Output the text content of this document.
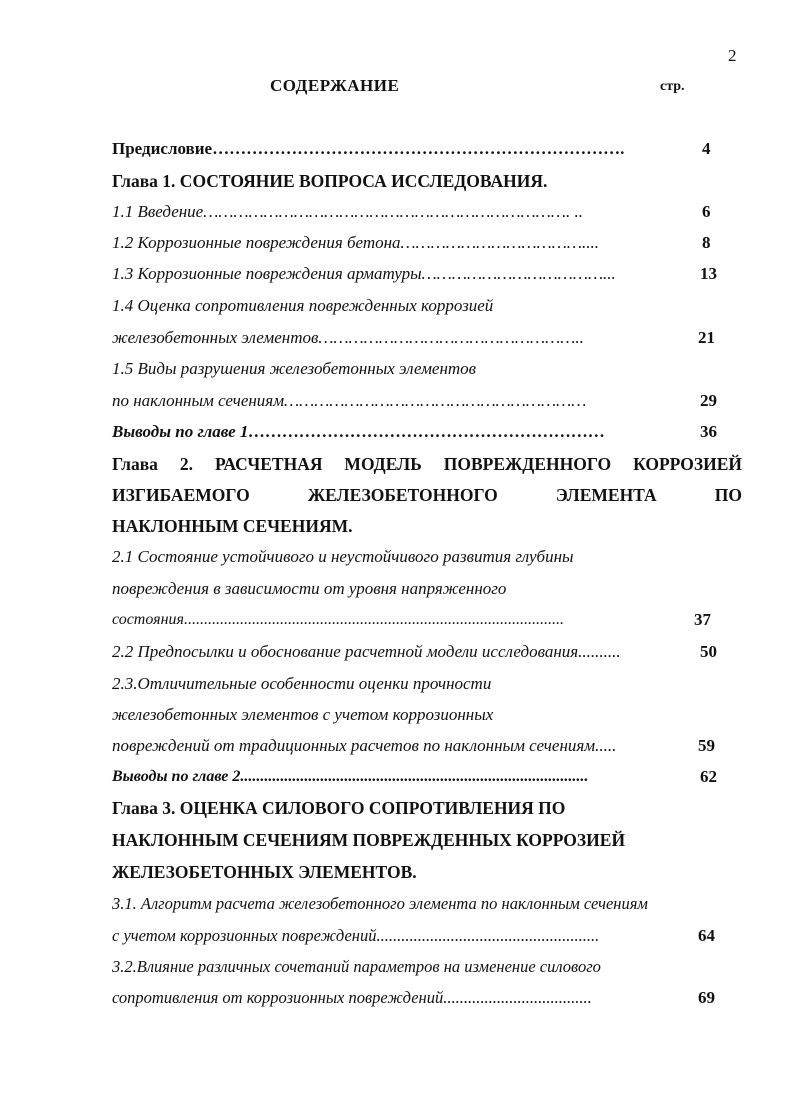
2
СОДЕРЖАНИЕ	стр.
Предисловие……………………………………………………………….	4
Глава 1. СОСТОЯНИЕ ВОПРОСА ИССЛЕДОВАНИЯ.
1.1 Введение………………………………………………………………. ..	6
1.2 Коррозионные повреждения бетона………………………………....	8
1.3 Коррозионные повреждения арматуры………………………………...	13
1.4 Оценка сопротивления поврежденных коррозией
железобетонных элементов……………………………………………..	21
1.5 Виды разрушения железобетонных элементов
по наклонным сечениям……………………………………………………	29
Выводы по главе 1………………………………………………………	36
Глава 2. РАСЧЕТНАЯ МОДЕЛЬ ПОВРЕЖДЕННОГО КОРРОЗИЕЙ
ИЗГИБАЕМОГО	ЖЕЛЕЗОБЕТОННОГО	ЭЛЕМЕНТА	ПО
НАКЛОННЫМ СЕЧЕНИЯМ.
2.1 Состояние устойчивого и неустойчивого развития глубины
повреждения в зависимости от уровня напряженного
состояния...............................................................................................	37
2.2 Предпосылки и обоснование расчетной модели исследования..........	50
2.3.Отличительные особенности оценки прочности
железобетонных элементов с учетом коррозионных
повреждений от традиционных расчетов по наклонным сечениям.....	59
Выводы по главе 2.......................................................................................	62
Глава 3. ОЦЕНКА СИЛОВОГО СОПРОТИВЛЕНИЯ ПО
НАКЛОННЫМ СЕЧЕНИЯМ ПОВРЕЖДЕННЫХ КОРРОЗИЕЙ
ЖЕЛЕЗОБЕТОННЫХ ЭЛЕМЕНТОВ.
3.1. Алгоритм расчета железобетонного элемента по наклонным сечениям
с учетом коррозионных повреждений......................................................	64
3.2.Влияние различных сочетаний параметров на изменение силового
сопротивления от коррозионных повреждений....................................	69
